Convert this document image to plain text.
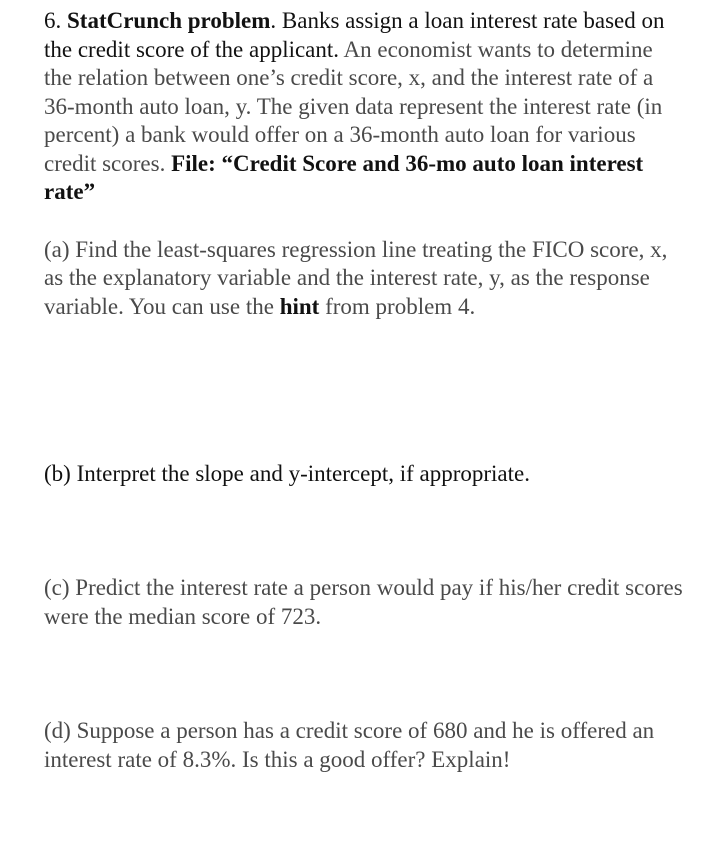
6. StatCrunch problem. Banks assign a loan interest rate based on the credit score of the applicant. An economist wants to determine the relation between one’s credit score, x, and the interest rate of a 36-month auto loan, y. The given data represent the interest rate (in percent) a bank would offer on a 36-month auto loan for various credit scores. File: “Credit Score and 36-mo auto loan interest rate”

(a) Find the least-squares regression line treating the FICO score, x, as the explanatory variable and the interest rate, y, as the response variable. You can use the hint from problem 4.

(b) Interpret the slope and y-intercept, if appropriate.

(c) Predict the interest rate a person would pay if his/her credit scores were the median score of 723.

(d) Suppose a person has a credit score of 680 and he is offered an interest rate of 8.3%. Is this a good offer? Explain!
